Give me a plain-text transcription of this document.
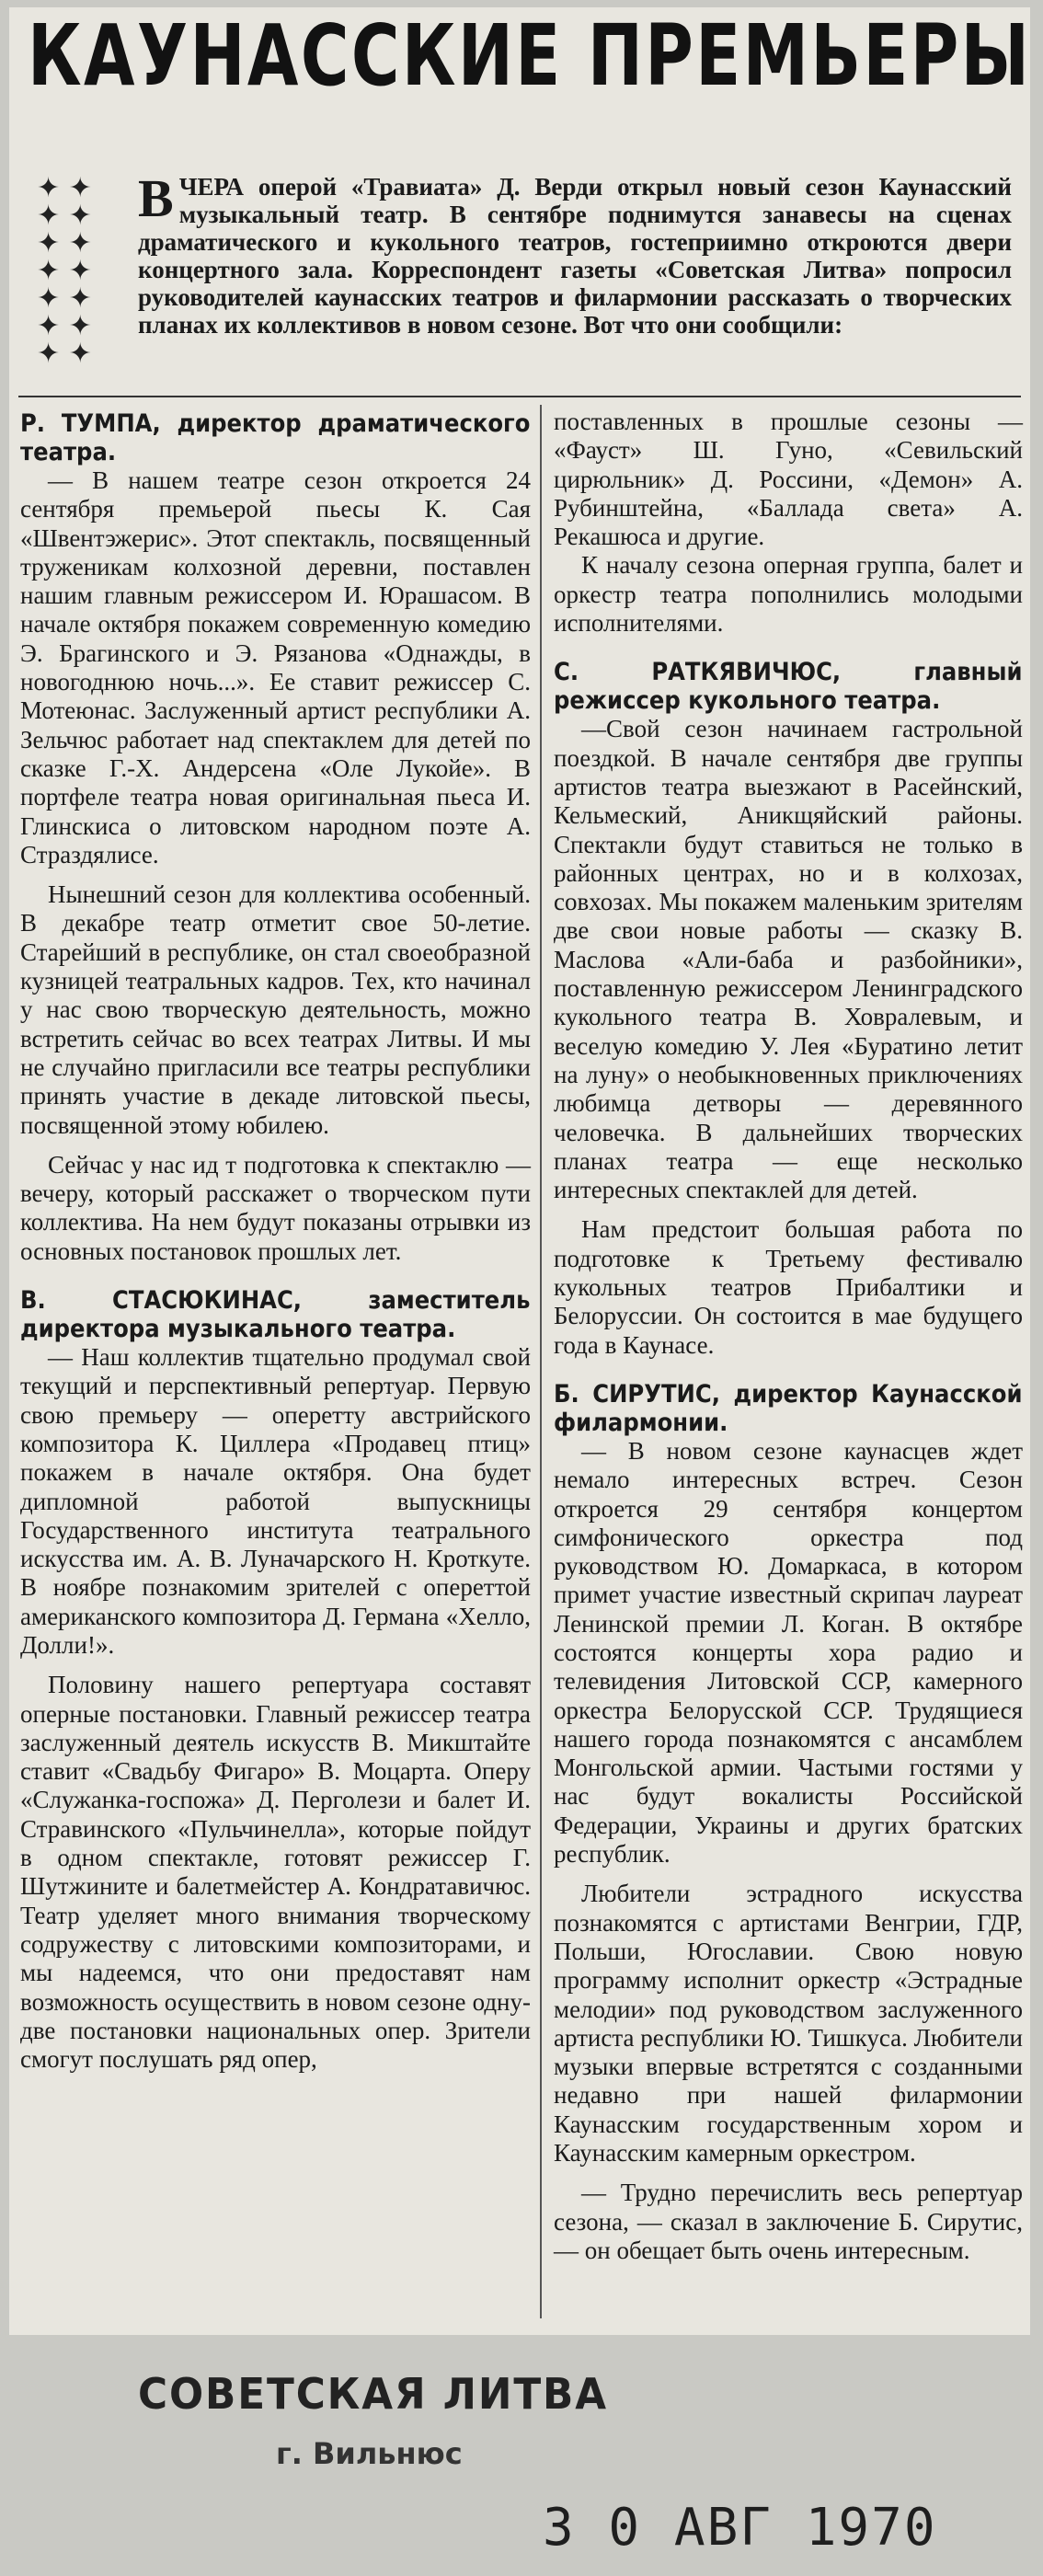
КАУНАССКИЕ ПРЕМЬЕРЫ
✦ ✦
✦ ✦
✦ ✦
✦ ✦
✦ ✦
✦ ✦
✦ ✦
ВЧЕРА оперой «Травиата» Д. Верди открыл новый сезон Каунасский музыкальный театр. В сентябре поднимутся занавесы на сценах драматического и кукольного театров, гостеприимно откроются двери концертного зала. Корреспондент газеты «Советская Литва» попросил руководителей каунасских театров и филармонии рассказать о творческих планах их коллективов в новом сезоне. Вот что они сообщили:
Р. ТУМПА, директор драматического театра.

— В нашем театре сезон откроется 24 сентября премьерой пьесы К. Сая «Швентэжерис». Этот спектакль, посвященный труженикам колхозной деревни, поставлен нашим главным режиссером И. Юрашасом. В начале октября покажем современную комедию Э. Брагинского и Э. Рязанова «Однажды, в новогоднюю ночь...». Ее ставит режиссер С. Мотеюнас. Заслуженный артист республики А. Зельчюс работает над спектаклем для детей по сказке Г.-Х. Андерсена «Оле Лукойе». В портфеле театра новая оригинальная пьеса И. Глинскиса о литовском народном поэте А. Страздялисе.

Нынешний сезон для коллектива особенный. В декабре театр отметит свое 50-летие. Старейший в республике, он стал своеобразной кузницей театральных кадров. Тех, кто начинал у нас свою творческую деятельность, можно встретить сейчас во всех театрах Литвы. И мы не случайно пригласили все театры республики принять участие в декаде литовской пьесы, посвященной этому юбилею.

Сейчас у нас ид т подготовка к спектаклю — вечеру, который расскажет о творческом пути коллектива. На нем будут показаны отрывки из основных постановок прошлых лет.

В. СТАСЮКИНАС, заместитель директора музыкального театра.

— Наш коллектив тщательно продумал свой текущий и перспективный репертуар. Первую свою премьеру — оперетту австрийского композитора К. Циллера «Продавец птиц» покажем в начале октября. Она будет дипломной работой выпускницы Государственного института театрального искусства им. А. В. Луначарского Н. Кроткуте. В ноябре познакомим зрителей с опереттой американского композитора Д. Германа «Хелло, Долли!».

Половину нашего репертуара составят оперные постановки. Главный режиссер театра заслуженный деятель искусств В. Микштайте ставит «Свадьбу Фигаро» В. Моцарта. Оперу «Служанка-госпожа» Д. Перголези и балет И. Стравинского «Пульчинелла», которые пойдут в одном спектакле, готовят режиссер Г. Шутжините и балетмейстер А. Кондратавичюс. Театр уделяет много внимания творческому содружеству с литовскими композиторами, и мы надеемся, что они предоставят нам возможность осуществить в новом сезоне одну-две постановки национальных опер. Зрители смогут послушать ряд опер,

поставленных в прошлые сезоны — «Фауст» Ш. Гуно, «Севильский цирюльник» Д. Россини, «Демон» А. Рубинштейна, «Баллада света» А. Рекашюса и другие.

К началу сезона оперная группа, балет и оркестр театра пополнились молодыми исполнителями.

С. РАТКЯВИЧЮС, главный режиссер кукольного театра.

—Свой сезон начинаем гастрольной поездкой. В начале сентября две группы артистов театра выезжают в Расейнский, Кельмеский, Аникщяйский районы. Спектакли будут ставиться не только в районных центрах, но и в колхозах, совхозах. Мы покажем маленьким зрителям две свои новые работы — сказку В. Маслова «Али-баба и разбойники», поставленную режиссером Ленинградского кукольного театра В. Ховралевым, и веселую комедию У. Лея «Буратино летит на луну» о необыкновенных приключениях любимца детворы — деревянного человечка. В дальнейших творческих планах театра — еще несколько интересных спектаклей для детей.

Нам предстоит большая работа по подготовке к Третьему фестивалю кукольных театров Прибалтики и Белоруссии. Он состоится в мае будущего года в Каунасе.

Б. СИРУТИС, директор Каунасской филармонии.

— В новом сезоне каунасцев ждет немало интересных встреч. Сезон откроется 29 сентября концертом симфонического оркестра под руководством Ю. Домаркаса, в котором примет участие известный скрипач лауреат Ленинской премии Л. Коган. В октябре состоятся концерты хора радио и телевидения Литовской ССР, камерного оркестра Белорусской ССР. Трудящиеся нашего города познакомятся с ансамблем Монгольской армии. Частыми гостями у нас будут вокалисты Российской Федерации, Украины и других братских республик.

Любители эстрадного искусства познакомятся с артистами Венгрии, ГДР, Польши, Югославии. Свою новую программу исполнит оркестр «Эстрадные мелодии» под руководством заслуженного артиста республики Ю. Тишкуса. Любители музыки впервые встретятся с созданными недавно при нашей филармонии Каунасским государственным хором и Каунасским камерным оркестром.

— Трудно перечислить весь репертуар сезона, — сказал в заключение Б. Сирутис, — он обещает быть очень интересным.

СОВЕТСКАЯ ЛИТВА
г. Вильнюс
3 0 АВГ 1970
